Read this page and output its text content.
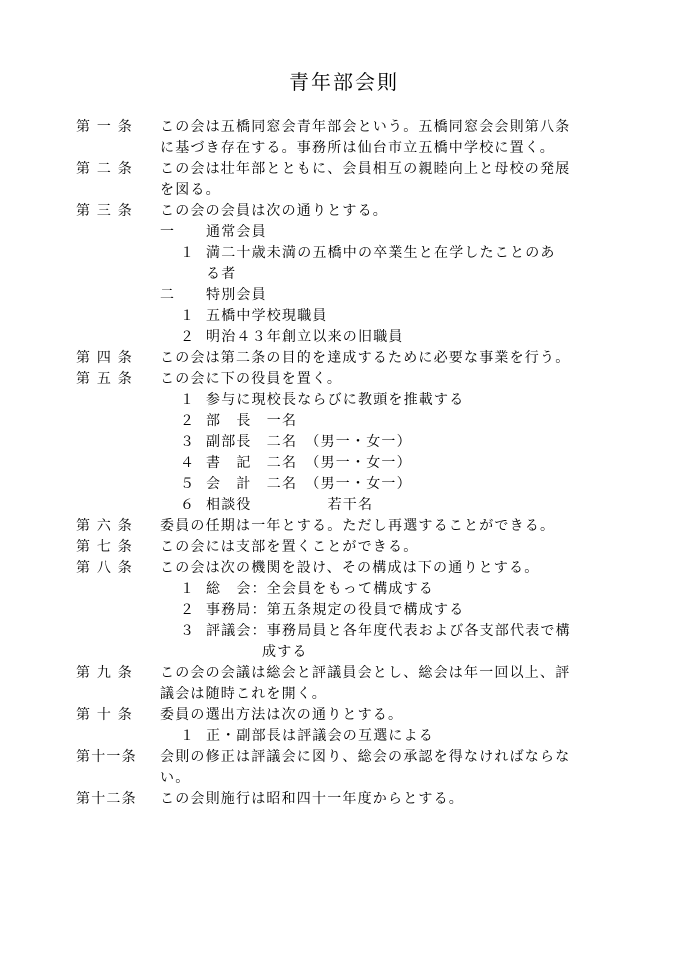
青年部会則
第 一 条	この会は五橋同窓会青年部会という。五橋同窓会会則第八条
に基づき存在する。事務所は仙台市立五橋中学校に置く。
第 二 条	この会は壮年部とともに、会員相互の親睦向上と母校の発展
を図る。
第 三 条	この会の会員は次の通りとする。
一	通常会員
１ 満二十歳未満の五橋中の卒業生と在学したことのあ
る者
二	特別会員
１ 五橋中学校現職員
２ 明治４３年創立以来の旧職員
第 四 条	この会は第二条の目的を達成するために必要な事業を行う。
第 五 条	この会に下の役員を置く。
１ 参与に現校長ならびに教頭を推載する
２ 部　長　一名
３ 副部長　二名　（男一・女一）
４ 書　記　二名　（男一・女一）
５ 会　計　二名　（男一・女一）
６ 相談役　　　　　若干名
第 六 条	委員の任期は一年とする。ただし再選することができる。
第 七 条	この会には支部を置くことができる。
第 八 条	この会は次の機関を設け、その構成は下の通りとする。
１ 総　会：全会員をもって構成する
２ 事務局：第五条規定の役員で構成する
３ 評議会：事務局員と各年度代表および各支部代表で構
成する
第 九 条	この会の会議は総会と評議員会とし、総会は年一回以上、評
議会は随時これを開く。
第 十 条	委員の選出方法は次の通りとする。
１ 正・副部長は評議会の互選による
第十一条	会則の修正は評議会に図り、総会の承認を得なければならな
い。
第十二条	この会則施行は昭和四十一年度からとする。
